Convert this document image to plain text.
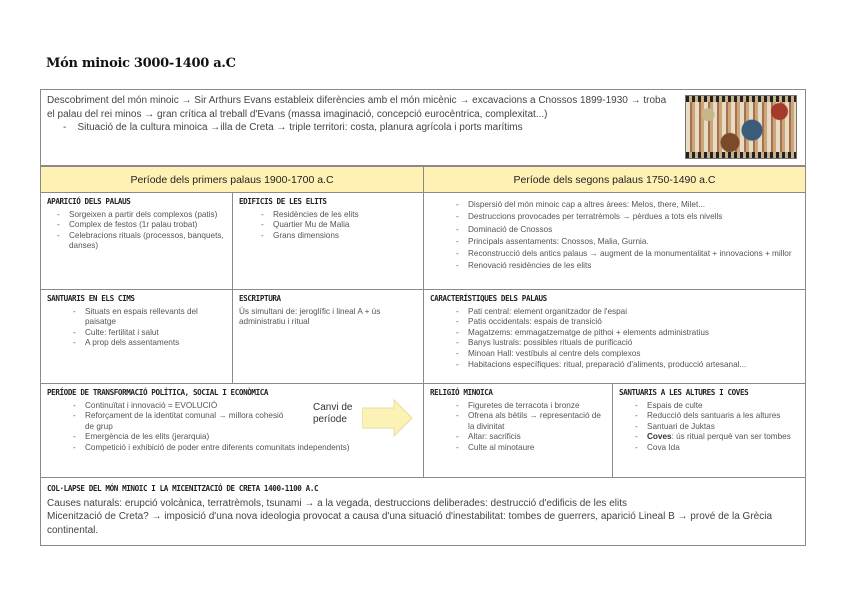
Món minoic 3000-1400 a.C

Descobriment del món minoic → Sir Arthurs Evans estableix diferències amb el món micènic → excavacions a Cnossos 1899-1930 → troba el palau del rei minos → gran crítica al treball d'Evans (massa imaginació, concepció eurocèntrica, complexitat...)

-    Situació de la cultura minoica →illa de Creta → triple territori: costa, planura agrícola i ports marítims

Període dels primers palaus 1900-1700 a.C	Període dels segons palaus 1750-1490 a.C
APARICIÓ DELS PALAUS
- Sorgeixen a partir dels complexos (patis)
- Complex de festos (1r palau trobat)
- Celebracions rituals (processos, banquets, danses)
EDIFICIS DE LES ELITS
- Residències de les elits
- Quartier Mu de Malia
- Grans dimensions
- Dispersió del món minoic cap a altres àrees: Melos, there, Milet...
- Destruccions provocades per terratrèmols → pèrdues a tots els nivells
- Dominació de Cnossos
- Principals assentaments: Cnossos, Malia, Gurnia.
- Reconstrucció dels antics palaus → augment de la monumentalitat + innovacions + millor
- Renovació residències de les elits
SANTUARIS EN ELS CIMS
- Situats en espais rellevants del paisatge
- Culte: fertilitat i salut
- A prop dels assentaments
ESCRIPTURA

Ús simultani de: jeroglífic i lineal A + ús administratiu i ritual

CARACTERÍSTIQUES DELS PALAUS
- Pati central: element organitzador de l'espai
- Patis occidentals: espais de transició
- Magatzems: emmagatzematge de pithoi + elements administratius
- Banys lustrals: possibles rituals de purificació
- Minoan Hall: vestíbuls al centre dels complexos
- Habitacions específiques: ritual, preparació d'aliments, producció artesanal...
PERÍODE DE TRANSFORMACIÓ POLÍTICA, SOCIAL I ECONÒMICA
- Continuïtat i innovació = EVOLUCIÓ
- Reforçament de la identitat comunal → millora cohesió de grup
- Emergència de les elits (jerarquia)
- Competició i exhibició de poder entre diferents comunitats independents)
Canvi de
període
RELIGIÓ MINOICA
- Figuretes de terracota i bronze
- Ofrena als bètils → representació de la divinitat
- Altar: sacrificis
- Culte al minotaure
SANTUARIS A LES ALTURES I COVES
- Espais de culte
- Reducció dels santuaris a les altures
- Santuari de Juktas
- Coves: ús ritual perquè van ser tombes
- Cova Ida
COL·LAPSE DEL MÓN MINOIC I LA MICENITZACIÓ DE CRETA 1400-1100 A.C

Causes naturals: erupció volcànica, terratrèmols, tsunami → a la vegada, destruccions deliberades: destrucció d'edificis de les elits

Micenització de Creta? → imposició d'una nova ideologia provocat a causa d'una situació d'inestabilitat: tombes de guerrers, aparició Lineal B → prové de la Grècia continental.
